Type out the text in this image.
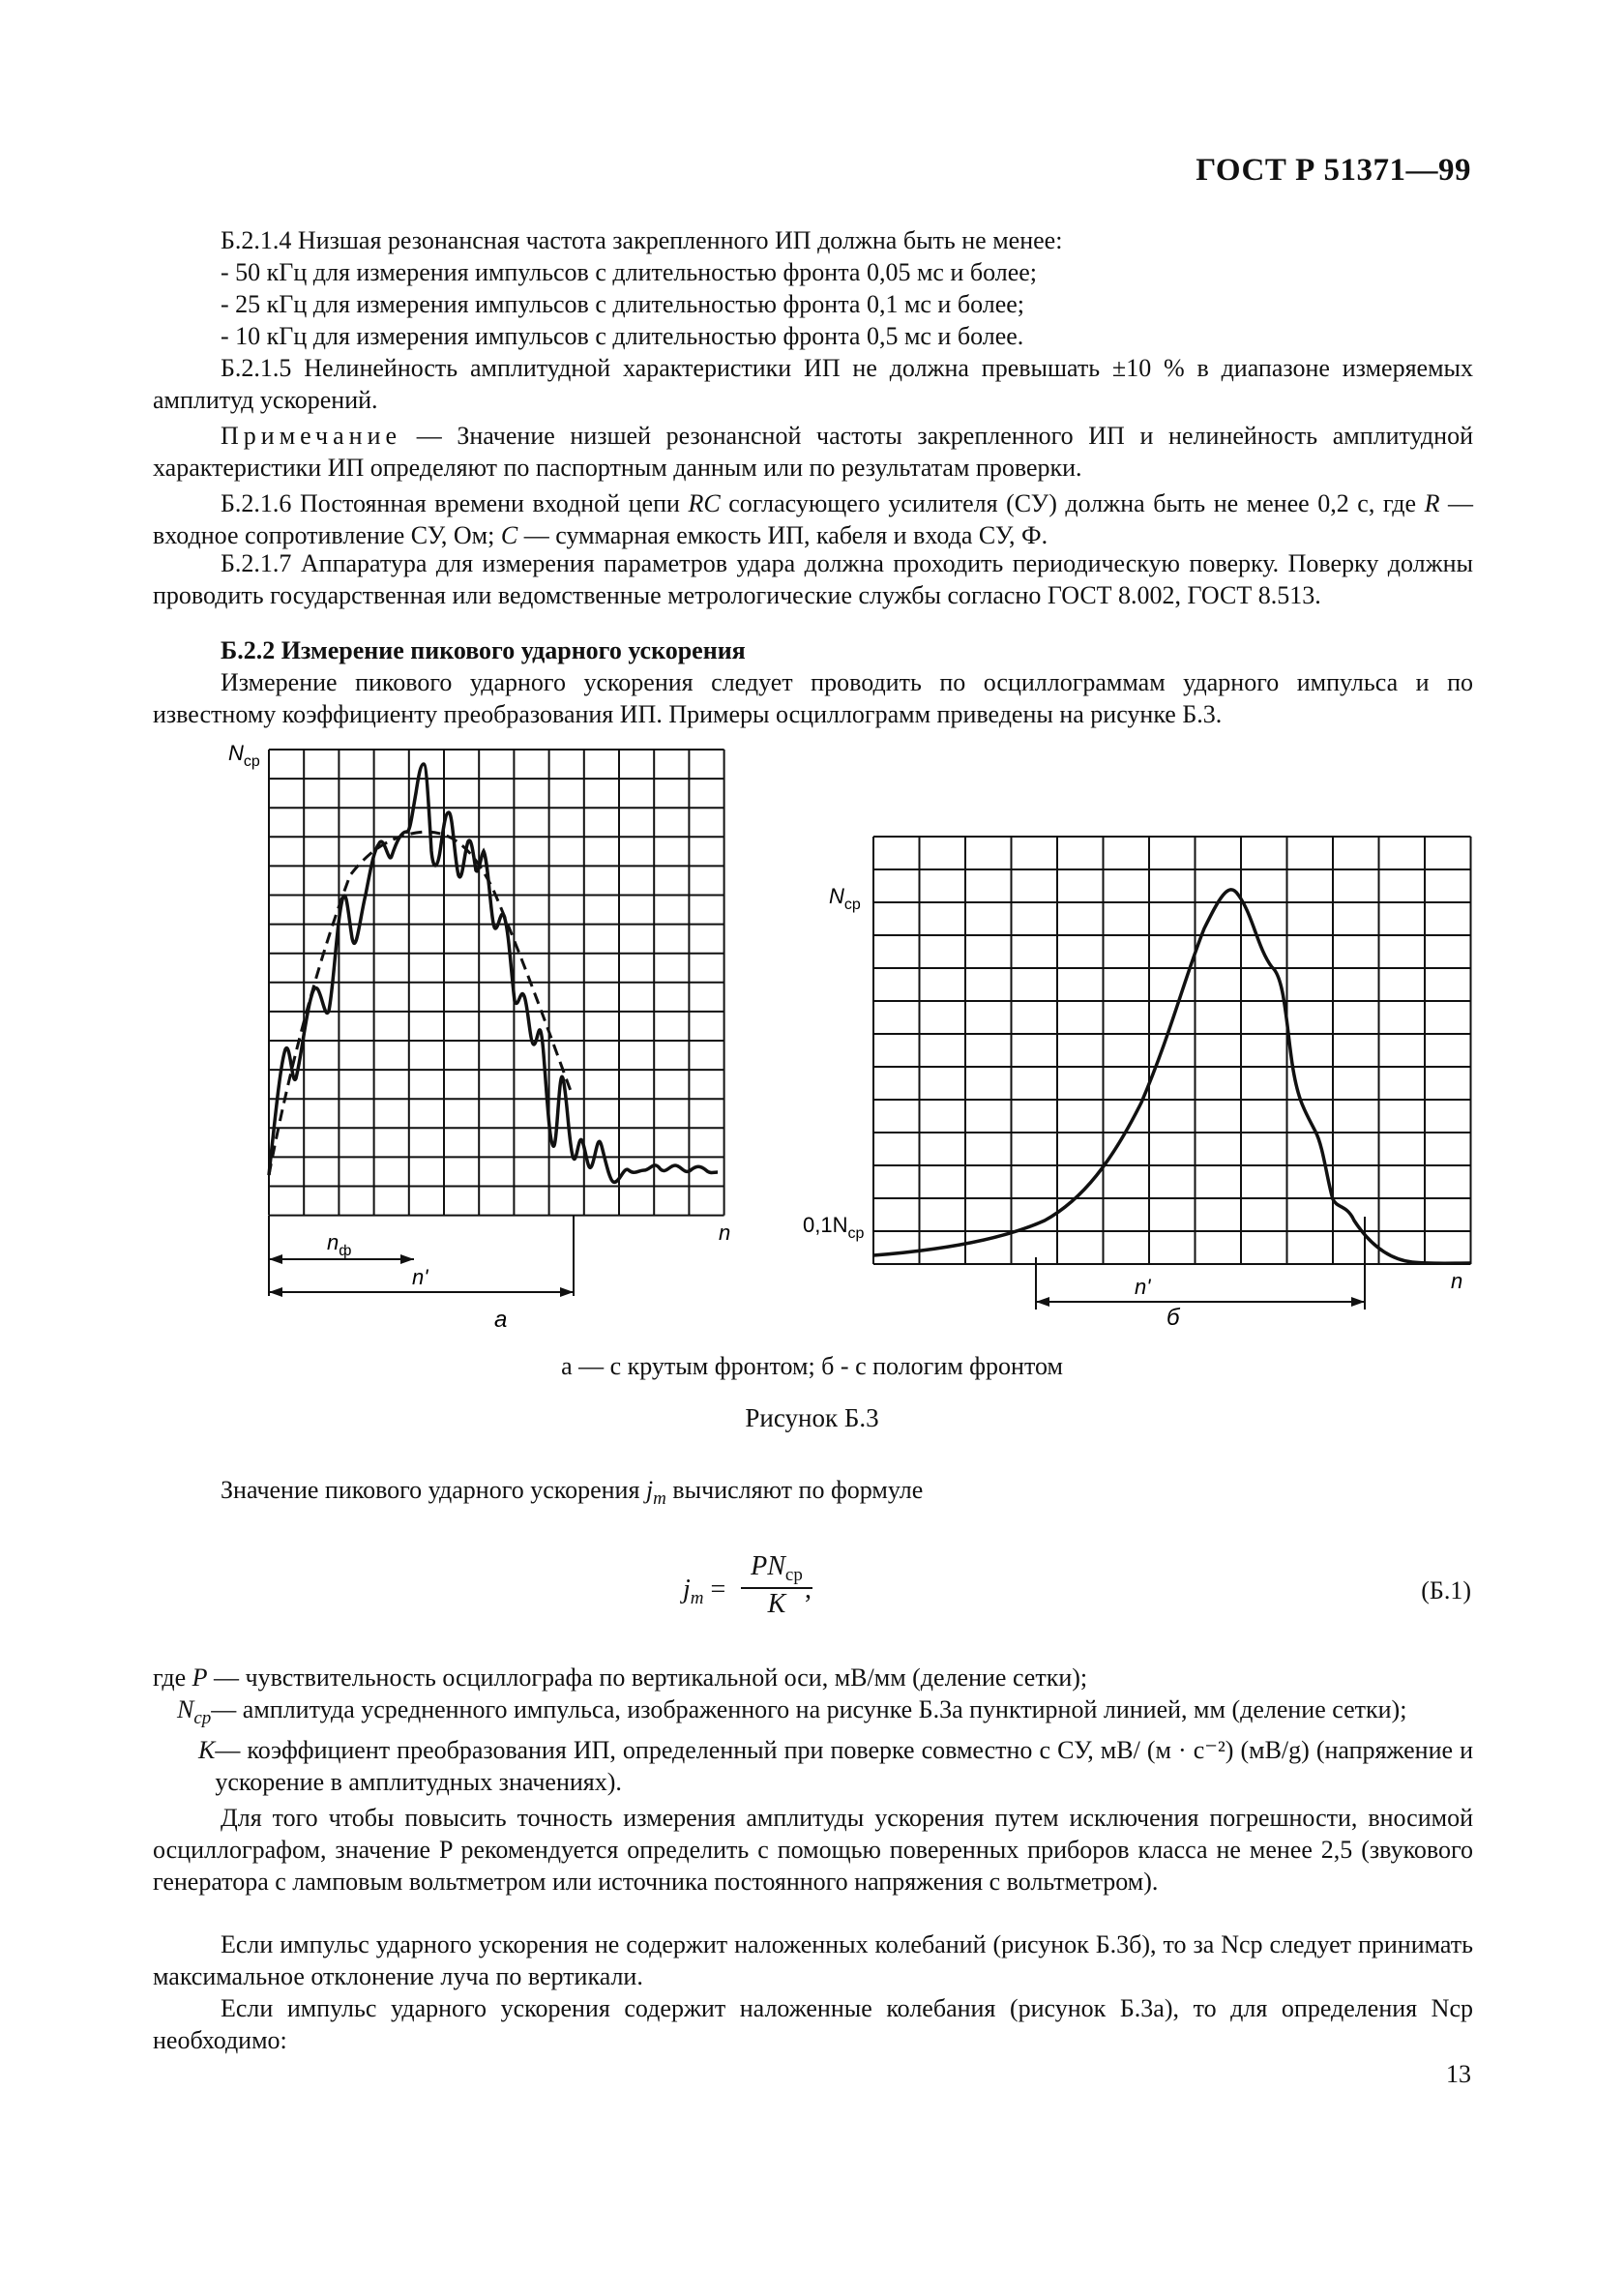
ГОСТ Р 51371—99

Б.2.1.4 Низшая резонансная частота закрепленного ИП должна быть не менее:

- 50 кГц для измерения импульсов с длительностью фронта 0,05 мс и более;

- 25 кГц для измерения импульсов с длительностью фронта 0,1 мс и более;

- 10 кГц для измерения импульсов с длительностью фронта 0,5 мс и более.

Б.2.1.5 Нелинейность амплитудной характеристики ИП не должна превышать ±10 % в диапазоне измеряемых амплитуд ускорений.
Примечание — Значение низшей резонансной частоты закрепленного ИП и нелинейность амплитудной характеристики ИП определяют по паспортным данным или по результатам проверки.
Б.2.1.6 Постоянная времени входной цепи RC согласующего усилителя (СУ) должна быть не менее 0,2 с, где R — входное сопротивление СУ, Ом; C — суммарная емкость ИП, кабеля и входа СУ, Ф.
Б.2.1.7 Аппаратура для измерения параметров удара должна проходить периодическую поверку. Поверку должны проводить государственная или ведомственные метрологические службы согласно ГОСТ 8.002, ГОСТ 8.513.
Б.2.2 Измерение пикового ударного ускорения
Измерение пикового ударного ускорения следует проводить по осциллограммам ударного импульса и по известному коэффициенту преобразования ИП. Примеры осциллограмм приведены на рисунке Б.3.
$N_{ср}$
n
$n_ф$
n'
а
$N_{ср}$
$0,1N_{ср}$
n
n'
б
а — с крутым фронтом; б - с пологим фронтом
Рисунок Б.3
Значение пикового ударного ускорения $j_m$ вычисляют по формуле
$j_m$ =
$PN_{ср}$
K ,	(Б.1)
где P — чувствительность осциллографа по вертикальной оси, мВ/мм (деление сетки);
$N_{ср}$ — амплитуда усредненного импульса, изображенного на рисунке Б.3а пунктирной линией, мм (деление сетки);
K — коэффициент преобразования ИП, определенный при поверке совместно с СУ, мВ/ (м · с⁻²) (мВ/g) (напряжение и ускорение в амплитудных значениях).
Для того чтобы повысить точность измерения амплитуды ускорения путем исключения погрешности, вносимой осциллографом, значение P рекомендуется определить с помощью поверенных приборов класса не менее 2,5 (звукового генератора с ламповым вольтметром или источника постоянного напряжения с вольтметром).
Если импульс ударного ускорения не содержит наложенных колебаний (рисунок Б.3б), то за Nср следует принимать максимальное отклонение луча по вертикали.
Если импульс ударного ускорения содержит наложенные колебания (рисунок Б.3а), то для определения Nср необходимо:
13
